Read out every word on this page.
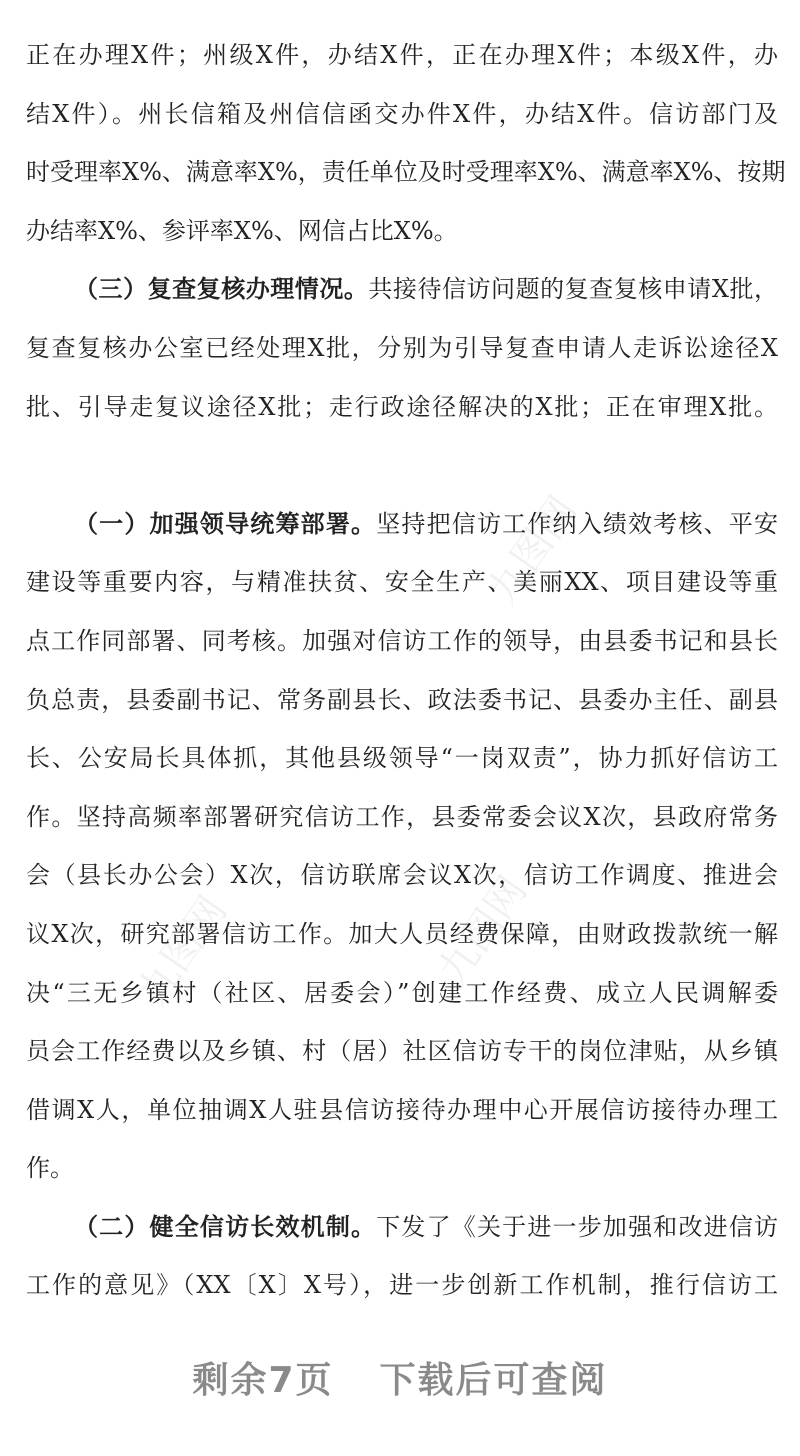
正在办理X件；州级X件，办结X件，正在办理X件；本级X件，办
结X件）。州长信箱及州信信函交办件X件，办结X件。信访部门及
时受理率X%、满意率X%，责任单位及时受理率X%、满意率X%、按期
办结率X%、参评率X%、网信占比X%。
（三）复查复核办理情况。共接待信访问题的复查复核申请X批，
复查复核办公室已经处理X批，分别为引导复查申请人走诉讼途径X
批、引导走复议途径X批；走行政途径解决的X批；正在审理X批。
（一）加强领导统筹部署。坚持把信访工作纳入绩效考核、平安
建设等重要内容，与精准扶贫、安全生产、美丽XX、项目建设等重
点工作同部署、同考核。加强对信访工作的领导，由县委书记和县长
负总责，县委副书记、常务副县长、政法委书记、县委办主任、副县
长、公安局长具体抓，其他县级领导“一岗双责”，协力抓好信访工
作。坚持高频率部署研究信访工作，县委常委会议X次，县政府常务
会（县长办公会）X次，信访联席会议X次，信访工作调度、推进会
议X次，研究部署信访工作。加大人员经费保障，由财政拨款统一解
决“三无乡镇村（社区、居委会）”创建工作经费、成立人民调解委
员会工作经费以及乡镇、村（居）社区信访专干的岗位津贴，从乡镇
借调X人，单位抽调X人驻县信访接待办理中心开展信访接待办理工
作。
（二）健全信访长效机制。下发了《关于进一步加强和改进信访
工作的意见》（XX〔X〕X号），进一步创新工作机制，推行信访工
九图网
九图网	九图网
剩余7页 下载后可查阅
